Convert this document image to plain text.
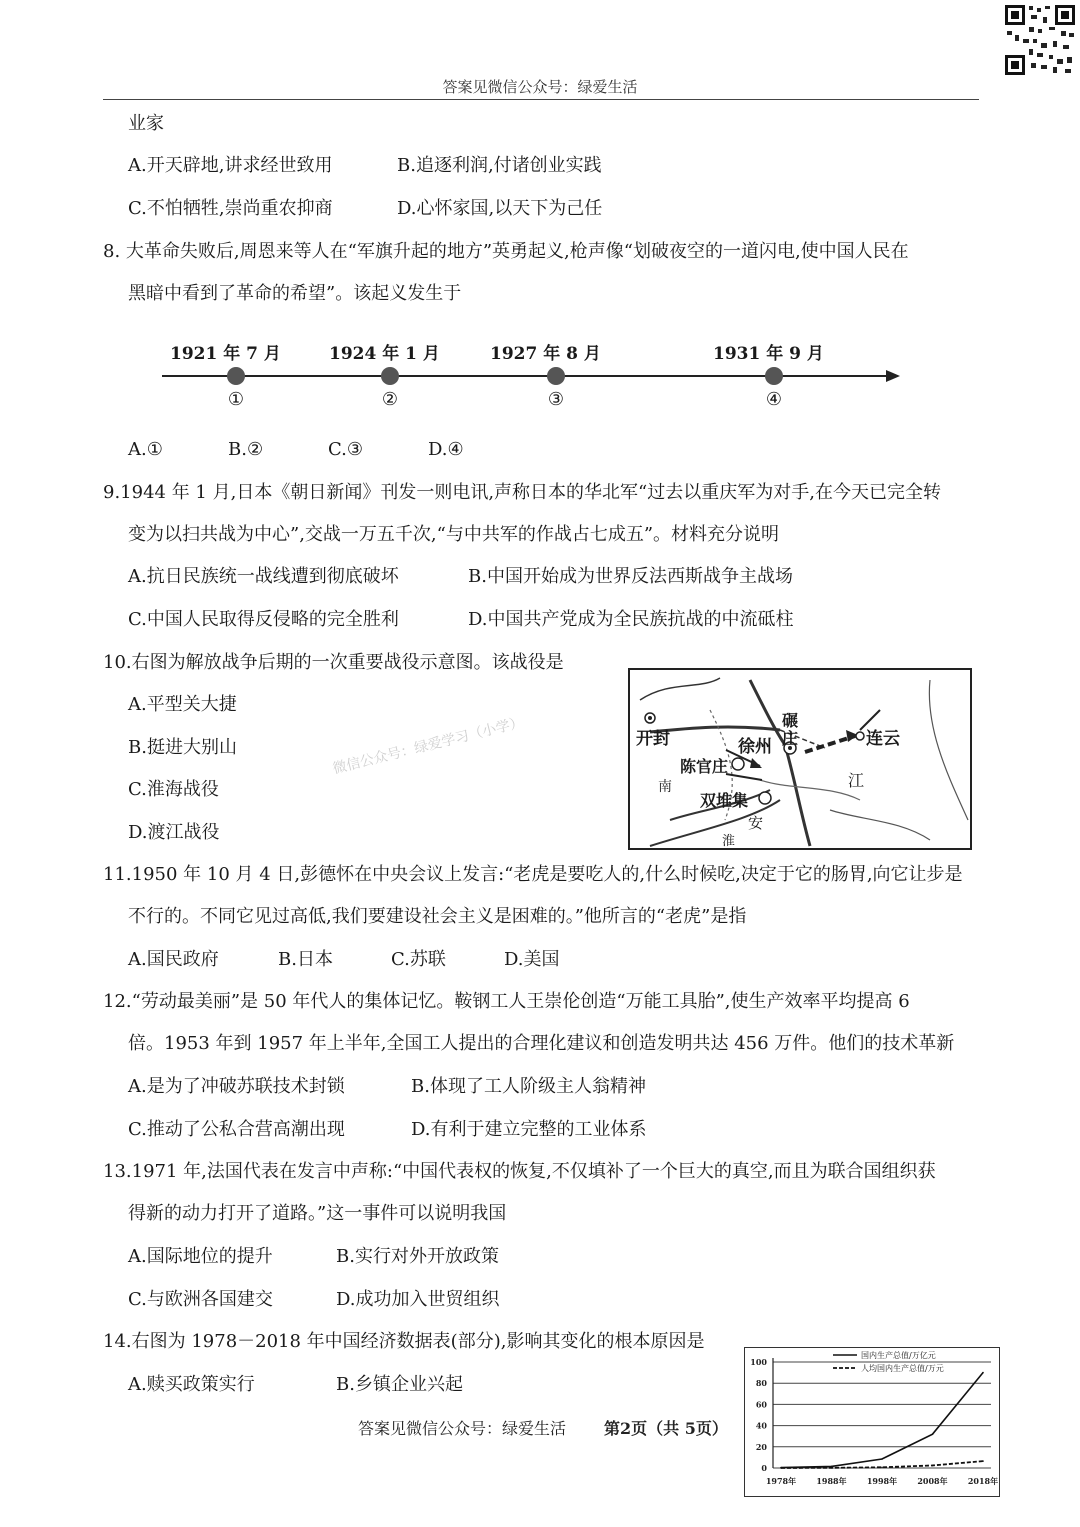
答案见微信公众号：绿爱生活
业家
A.开天辟地,讲求经世致用	B.追逐利润,付诸创业实践
C.不怕牺牲,崇尚重农抑商	D.心怀家国,以天下为己任
8. 大革命失败后,周恩来等人在“军旗升起的地方”英勇起义,枪声像“划破夜空的一道闪电,使中国人民在
黑暗中看到了革命的希望”。该起义发生于
1921 年 7 月	1924 年 1 月	1927 年 8 月	1931 年 9 月
①	②	③	④
A.①	B.②	C.③	D.④
9.1944 年 1 月,日本《朝日新闻》刊发一则电讯,声称日本的华北军“过去以重庆军为对手,在今天已完全转
变为以扫共战为中心”,交战一万五千次,“与中共军的作战占七成五”。材料充分说明
A.抗日民族统一战线遭到彻底破坏	B.中国开始成为世界反法西斯战争主战场
C.中国人民取得反侵略的完全胜利	D.中国共产党成为全民族抗战的中流砥柱
10.右图为解放战争后期的一次重要战役示意图。该战役是
A.平型关大捷
B.挺进大别山
C.淮海战役
D.渡江战役
微信公众号：绿爱学习（小学）	开封	徐州
碾
庄	连云
江
陈官庄
南
双堆集
安
淮
11.1950 年 10 月 4 日,彭德怀在中央会议上发言:“老虎是要吃人的,什么时候吃,决定于它的肠胃,向它让步是
不行的。不同它见过高低,我们要建设社会主义是困难的。”他所言的“老虎”是指
A.国民政府	B.日本	C.苏联	D.美国
12.“劳动最美丽”是 50 年代人的集体记忆。鞍钢工人王崇伦创造“万能工具胎”,使生产效率平均提高 6
倍。1953 年到 1957 年上半年,全国工人提出的合理化建议和创造发明共达 456 万件。他们的技术革新
A.是为了冲破苏联技术封锁	B.体现了工人阶级主人翁精神
C.推动了公私合营高潮出现	D.有利于建立完整的工业体系
13.1971 年,法国代表在发言中声称:“中国代表权的恢复,不仅填补了一个巨大的真空,而且为联合国组织获
得新的动力打开了道路。”这一事件可以说明我国
A.国际地位的提升	B.实行对外开放政策
C.与欧洲各国建交	D.成功加入世贸组织
14.右图为 1978－2018 年中国经济数据表(部分),影响其变化的根本原因是
A.赎买政策实行	B.乡镇企业兴起
0
20
40
60
80
100
1978年	1988年	1998年	2008年	2018年
国内生产总值/万亿元
人均国内生产总值/万元
答案见微信公众号：绿爱生活 第2页（共 5页）
